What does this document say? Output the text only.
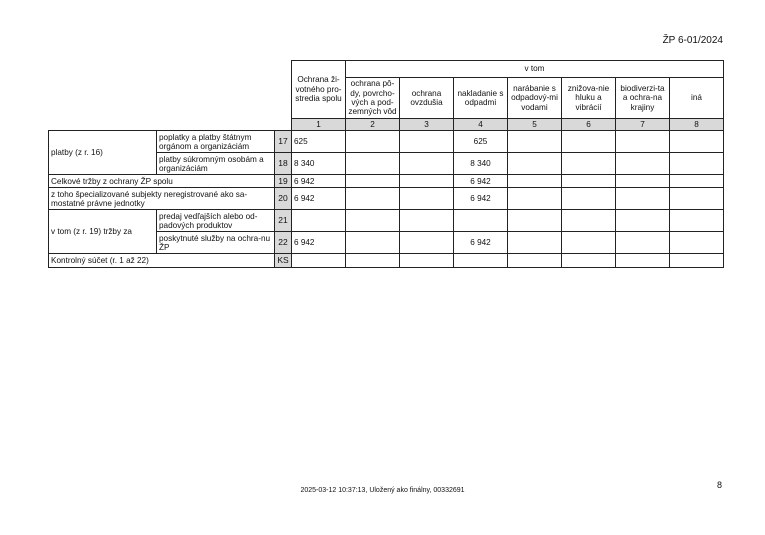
ŽP 6-01/2024
			Ochrana ži-votného pro-stredia spolu	v tom						
				ochrana pô-dy, povrcho-vých a pod-zemných vôd	ochrana ovzdušia	nakladanie s odpadmi	narábanie s odpadový-mi vodami	znižova-nie hluku a vibrácií	biodiverzi-ta a ochra-na krajiny	iná
			1	2	3	4	5	6	7	8
platby (z r. 16)	poplatky a platby štátnym orgánom a organizáciám	17	625			625				
	platby súkromným osobám a organizáciám	18	8 340			8 340				
Celkové tržby z ochrany ŽP spolu		19	6 942			6 942				
z toho špecializované subjekty neregistrované ako sa-mostatné právne jednotky		20	6 942			6 942				
v tom (z r. 19) tržby za	predaj vedľajších alebo od-padových produktov	21								
	poskytnuté služby na ochra-nu ŽP	22	6 942			6 942				
Kontrolný súčet (r. 1 až 22)		KS								
8
2025-03-12 10:37:13, Uložený ako finálny, 00332691
